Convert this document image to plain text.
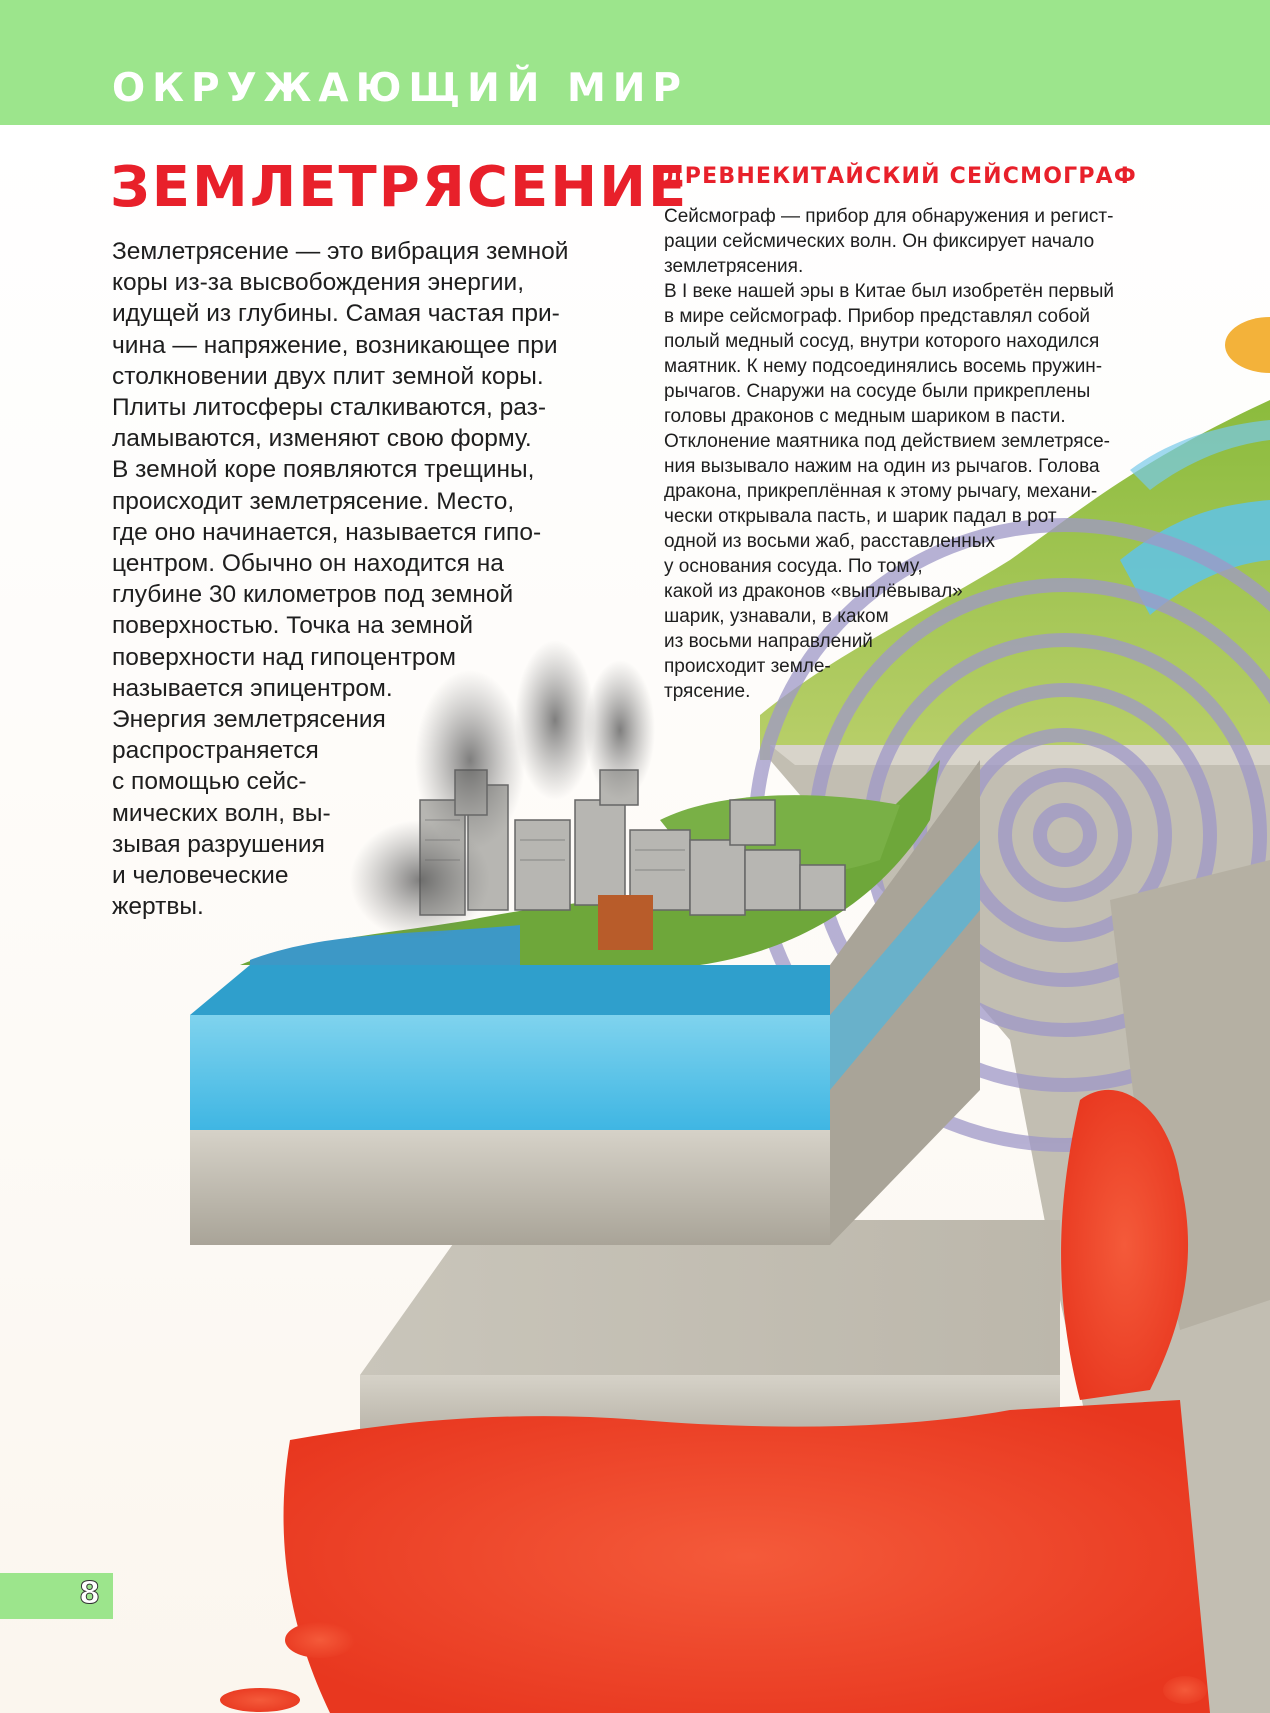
ОКРУЖАЮЩИЙ МИР
ЗЕМЛЕТРЯСЕНИЕ
Землетрясение — это вибрация земной
коры из-за высвобождения энергии,
идущей из глубины. Самая частая при-
чина — напряжение, возникающее при
столкновении двух плит земной коры.
Плиты литосферы сталкиваются, раз-
ламываются, изменяют свою форму.
В земной коре появляются трещины,
происходит землетрясение. Место,
где оно начинается, называется гипо-
центром. Обычно он находится на
глубине 30 километров под земной
поверхностью. Точка на земной
поверхности над гипоцентром
называется эпицентром.
Энергия землетрясения
распространяется
с помощью сейс-
мических волн, вы-
зывая разрушения
и человеческие
жертвы.
ДРЕВНЕКИТАЙСКИЙ СЕЙСМОГРАФ
Сейсмограф — прибор для обнаружения и регист-
рации сейсмических волн. Он фиксирует начало
землетрясения.
В I веке нашей эры в Китае был изобретён первый
в мире сейсмограф. Прибор представлял собой
полый медный сосуд, внутри которого находился
маятник. К нему подсоединялись восемь пружин-
рычагов. Снаружи на сосуде были прикреплены
головы драконов с медным шариком в пасти.
Отклонение маятника под действием землетрясе-
ния вызывало нажим на один из рычагов. Голова
дракона, прикреплённая к этому рычагу, механи-
чески открывала пасть, и шарик падал в рот
одной из восьми жаб, расставленных
у основания сосуда. По тому,
какой из драконов «выплёвывал»
шарик, узнавали, в каком
из восьми направлений
происходит земле-
трясение.
8
